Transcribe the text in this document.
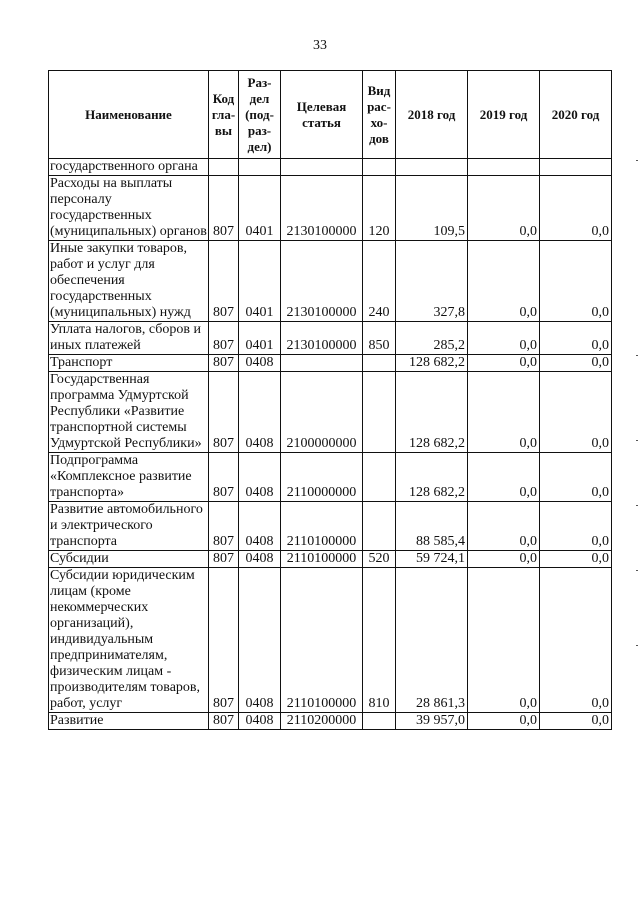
33
Наименование	Код гла-вы	Раз-дел (под-раз-дел)	Целевая статья	Вид рас-хо-дов	2018 год	2019 год	2020 год
государственного органа							
Расходы на выплаты персоналу государственных (муниципальных) органов	807	0401	2130100000	120	109,5	0,0	0,0
Иные закупки товаров, работ и услуг для обеспечения государственных (муниципальных) нужд	807	0401	2130100000	240	327,8	0,0	0,0
Уплата налогов, сборов и иных платежей	807	0401	2130100000	850	285,2	0,0	0,0
Транспорт	807	0408			128 682,2	0,0	0,0
Государственная программа Удмуртской Республики «Развитие транспортной системы Удмуртской Республики»	807	0408	2100000000		128 682,2	0,0	0,0
Подпрограмма «Комплексное развитие транспорта»	807	0408	2110000000		128 682,2	0,0	0,0
Развитие автомобильного и электрического транспорта	807	0408	2110100000		88 585,4	0,0	0,0
Субсидии	807	0408	2110100000	520	59 724,1	0,0	0,0
Субсидии юридическим лицам (кроме некоммерческих организаций), индивидуальным предпринимателям, физическим лицам - производителям товаров, работ, услуг	807	0408	2110100000	810	28 861,3	0,0	0,0
Развитие	807	0408	2110200000		39 957,0	0,0	0,0
